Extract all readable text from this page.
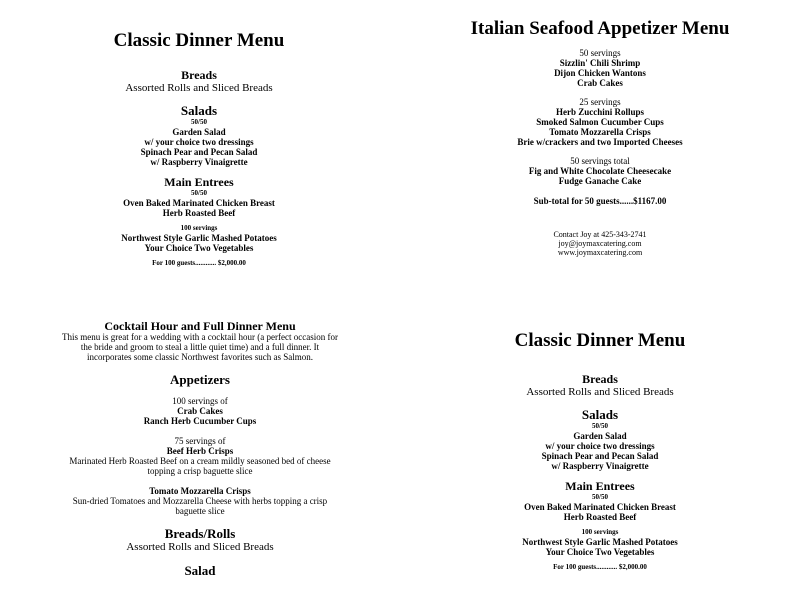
Classic Dinner Menu
Breads
Assorted Rolls and Sliced Breads
Salads
50/50
Garden Salad
w/ your choice two dressings
Spinach Pear and Pecan Salad
w/ Raspberry Vinaigrette
Main Entrees
50/50
Oven Baked Marinated Chicken Breast
Herb Roasted Beef
100 servings
Northwest Style Garlic Mashed Potatoes
Your Choice Two Vegetables
For 100 guests............ $2,000.00
Italian Seafood Appetizer Menu
50 servings
Sizzlin' Chili Shrimp
Dijon Chicken Wantons
Crab Cakes
25 servings
Herb Zucchini Rollups
Smoked Salmon Cucumber Cups
Tomato Mozzarella Crisps
Brie w/crackers and two Imported Cheeses
50 servings total
Fig and White Chocolate Cheesecake
Fudge Ganache Cake
Sub-total for 50 guests......$1167.00
Contact Joy at 425-343-2741
joy@joymaxcatering.com
www.joymaxcatering.com
Cocktail Hour and Full Dinner Menu
This menu is great for a wedding with a cocktail hour (a perfect occasion for
the bride and groom to steal a little quiet time) and a full dinner. It
incorporates some classic Northwest favorites such as Salmon.
Appetizers
100 servings of
Crab Cakes
Ranch Herb Cucumber Cups
75 servings of
Beef Herb Crisps
Marinated Herb Roasted Beef on a cream mildly seasoned bed of cheese
topping a crisp baguette slice
Tomato Mozzarella Crisps
Sun-dried Tomatoes and Mozzarella Cheese with herbs topping a crisp
baguette slice
Breads/Rolls
Assorted Rolls and Sliced Breads
Salad
Classic Dinner Menu
Breads
Assorted Rolls and Sliced Breads
Salads
50/50
Garden Salad
w/ your choice two dressings
Spinach Pear and Pecan Salad
w/ Raspberry Vinaigrette
Main Entrees
50/50
Oven Baked Marinated Chicken Breast
Herb Roasted Beef
100 servings
Northwest Style Garlic Mashed Potatoes
Your Choice Two Vegetables
For 100 guests............ $2,000.00
